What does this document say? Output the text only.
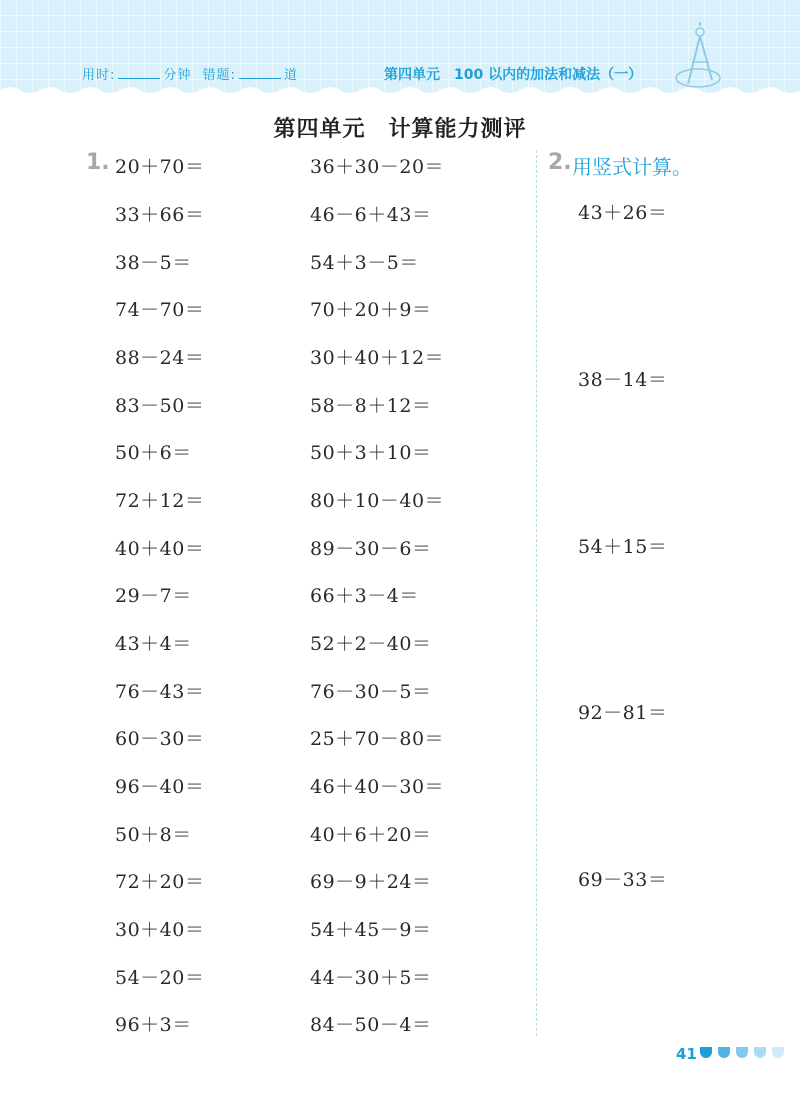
用时:	分钟 错题:	道	第四单元　100 以内的加法和减法（一）
第四单元　计算能力测评
1.	2. 用竖式计算。
20＋70＝
33＋66＝
38－5＝
74－70＝
88－24＝
83－50＝
50＋6＝
72＋12＝
40＋40＝
29－7＝
43＋4＝
76－43＝
60－30＝
96－40＝
50＋8＝
72＋20＝
30＋40＝
54－20＝
96＋3＝
36＋30－20＝
46－6＋43＝
54＋3－5＝
70＋20＋9＝
30＋40＋12＝
58－8＋12＝
50＋3＋10＝
80＋10－40＝
89－30－6＝
66＋3－4＝
52＋2－40＝
76－30－5＝
25＋70－80＝
46＋40－30＝
40＋6＋20＝
69－9＋24＝
54＋45－9＝
44－30＋5＝
84－50－4＝
43＋26＝
38－14＝
54＋15＝
92－81＝
69－33＝
41
